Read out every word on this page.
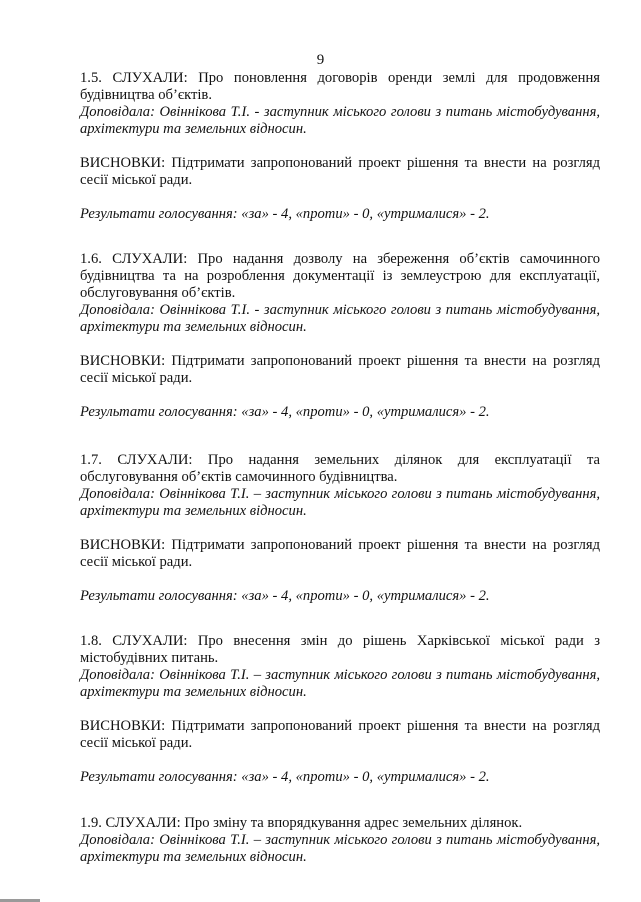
9

1.5. СЛУХАЛИ: Про поновлення договорів оренди землі для продовження будівництва об’єктів.

Доповідала: Овіннікова Т.І. - заступник міського голови з питань містобудування, архітектури та земельних відносин.

ВИСНОВКИ: Підтримати запропонований проект рішення та внести на розгляд сесії міської ради.

Результати голосування: «за» - 4, «проти» - 0, «утрималися» - 2.

1.6. СЛУХАЛИ: Про надання дозволу на збереження об’єктів самочинного будівництва та на розроблення документації із землеустрою для експлуатації, обслуговування об’єктів.

Доповідала: Овіннікова Т.І. - заступник міського голови з питань містобудування, архітектури та земельних відносин.

ВИСНОВКИ: Підтримати запропонований проект рішення та внести на розгляд сесії міської ради.

Результати голосування: «за» - 4, «проти» - 0, «утрималися» - 2.

1.7. СЛУХАЛИ: Про надання земельних ділянок для експлуатації та обслуговування об’єктів самочинного будівництва.

Доповідала: Овіннікова Т.І. – заступник міського голови з питань містобудування, архітектури та земельних відносин.

ВИСНОВКИ: Підтримати запропонований проект рішення та внести на розгляд сесії міської ради.

Результати голосування: «за» - 4, «проти» - 0, «утрималися» - 2.

1.8. СЛУХАЛИ: Про внесення змін до рішень Харківської міської ради з містобудівних питань.

Доповідала: Овіннікова Т.І. – заступник міського голови з питань містобудування, архітектури та земельних відносин.

ВИСНОВКИ: Підтримати запропонований проект рішення та внести на розгляд сесії міської ради.

Результати голосування: «за» - 4, «проти» - 0, «утрималися» - 2.

1.9. СЛУХАЛИ: Про зміну та впорядкування адрес земельних ділянок.

Доповідала: Овіннікова Т.І. – заступник міського голови з питань містобудування, архітектури та земельних відносин.
